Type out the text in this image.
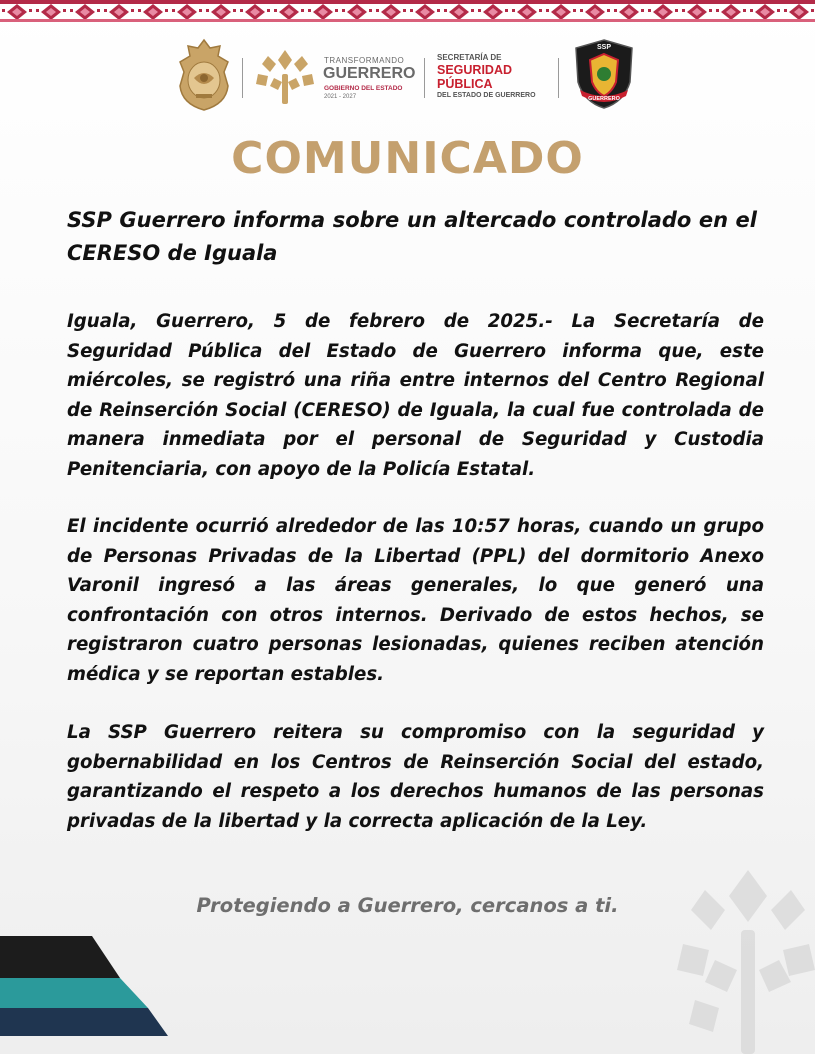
TRANSFORMANDO
GUERRERO
GOBIERNO DEL ESTADO
2021 - 2027
SECRETARÍA DE
SEGURIDAD
PÚBLICA
DEL ESTADO DE GUERRERO
SSP
GUERRERO
COMUNICADO

SSP Guerrero informa sobre un altercado controlado en el CERESO de Iguala

Iguala, Guerrero, 5 de febrero de 2025.- La Secretaría de Seguridad Pública del Estado de Guerrero informa que, este miércoles, se registró una riña entre internos del Centro Regional de Reinserción Social (CERESO) de Iguala, la cual fue controlada de manera inmediata por el personal de Seguridad y Custodia Penitenciaria, con apoyo de la Policía Estatal.

El incidente ocurrió alrededor de las 10:57 horas, cuando un grupo de Personas Privadas de la Libertad (PPL) del dormitorio Anexo Varonil ingresó a las áreas generales, lo que generó una confrontación con otros internos. Derivado de estos hechos, se registraron cuatro personas lesionadas, quienes reciben atención médica y se reportan estables.

La SSP Guerrero reitera su compromiso con la seguridad y gobernabilidad en los Centros de Reinserción Social del estado, garantizando el respeto a los derechos humanos de las personas privadas de la libertad y la correcta aplicación de la Ley.

Protegiendo a Guerrero, cercanos a ti.
